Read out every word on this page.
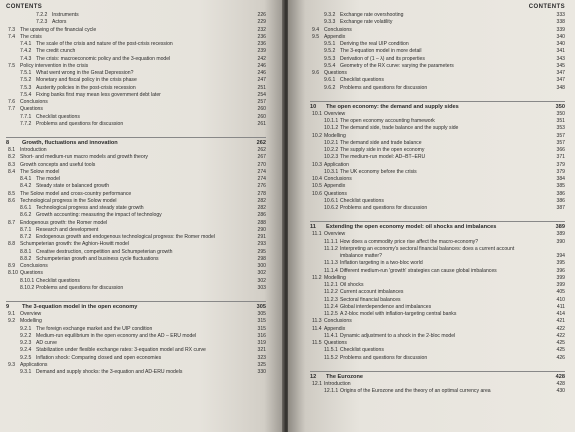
CONTENTS
7.2.2 Instruments	226
7.2.3 Actors	229
7.3 The upswing of the financial cycle	232
7.4 The crisis	236
7.4.1 The scale of the crisis and nature of the post-crisis recession	236
7.4.2 The credit crunch	239
7.4.3 The crisis: macroeconomic policy and the 3-equation model	242
7.5 Policy intervention in the crisis	246
7.5.1 What went wrong in the Great Depression?	246
7.5.2 Monetary and fiscal policy in the crisis phase	247
7.5.3 Austerity policies in the post-crisis recession	251
7.5.4 Fixing banks first may mean less government debt later	254
7.6 Conclusions	257
7.7 Questions	260
7.7.1 Checklist questions	260
7.7.2 Problems and questions for discussion	261
8	Growth, fluctuations and innovation	262
8.1 Introduction	262
8.2 Short- and medium-run macro models and growth theory	267
8.3 Growth concepts and useful tools	270
8.4 The Solow model	274
8.4.1 The model	274
8.4.2 Steady state or balanced growth	276
8.5 The Solow model and cross-country performance	278
8.6 Technological progress in the Solow model	282
8.6.1 Technological progress and steady state growth	282
8.6.2 Growth accounting: measuring the impact of technology	286
8.7 Endogenous growth: the Romer model	288
8.7.1 Research and development	290
8.7.2 Endogenous growth and endogenous technological progress: the Romer model	291
8.8 Schumpeterian growth: the Aghion-Howitt model	293
8.8.1 Creative destruction, competition and Schumpeterian growth	295
8.8.2 Schumpeterian growth and business cycle fluctuations	298
8.9 Conclusions	300
8.10 Questions	302
8.10.1 Checklist questions	302
8.10.2 Problems and questions for discussion	303
9	The 3-equation model in the open economy	305
9.1 Overview	305
9.2 Modelling	315
9.2.1 The foreign exchange market and the UIP condition	315
9.2.2 Medium-run equilibrium in the open economy and the AD – ERU model	316
9.2.3 AD curve	319
9.2.4 Stabilization under flexible exchange rates: 3-equation model and RX curve	321
9.2.5 Inflation shock: Comparing closed and open economies	323
9.3 Applications	325
9.3.1 Demand and supply shocks: the 3-equation and AD-ERU models	330
CONTENTS
9.3.2 Exchange rate overshooting	333
9.3.3 Exchange rate volatility	338
9.4 Conclusions	339
9.5 Appendix	340
9.5.1 Deriving the real UIP condition	340
9.5.2 The 3-equation model in more detail	341
9.5.3 Derivation of (1 – λ) and its properties	343
9.5.4 Geometry of the RX curve: varying the parameters	345
9.6 Questions	347
9.6.1 Checklist questions	347
9.6.2 Problems and questions for discussion	348
10	The open economy: the demand and supply sides	350
10.1 Overview	350
10.1.1 The open economy accounting framework	351
10.1.2 The demand side, trade balance and the supply side	353
10.2 Modelling	357
10.2.1 The demand side and trade balance	357
10.2.2 The supply side in the open economy	366
10.2.3 The medium-run model: AD–BT–ERU	371
10.3 Application	379
10.3.1 The UK economy before the crisis	379
10.4 Conclusions	384
10.5 Appendix	385
10.6 Questions	386
10.6.1 Checklist questions	386
10.6.2 Problems and questions for discussion	387
11	Extending the open economy model: oil shocks and imbalances	389
11.1 Overview	389
11.1.1 How does a commodity price rise affect the macro-economy?	390
11.1.2 Interpreting an economy's sectoral financial balances: does a current account
imbalance matter?	394
11.1.3 Inflation targeting in a two-bloc world	395
11.1.4 Different medium-run 'growth' strategies can cause global imbalances	396
11.2 Modelling	399
11.2.1 Oil shocks	399
11.2.2 Current account imbalances	405
11.2.3 Sectoral financial balances	410
11.2.4 Global interdependence and imbalances	411
11.2.5 A 2-bloc model with inflation-targeting central banks	414
11.3 Conclusions	421
11.4 Appendix	422
11.4.1 Dynamic adjustment to a shock in the 2-bloc model	422
11.5 Questions	425
11.5.1 Checklist questions	425
11.5.2 Problems and questions for discussion	426
12	The Eurozone	428
12.1 Introduction	428
12.1.1 Origins of the Eurozone and the theory of an optimal currency area	430
